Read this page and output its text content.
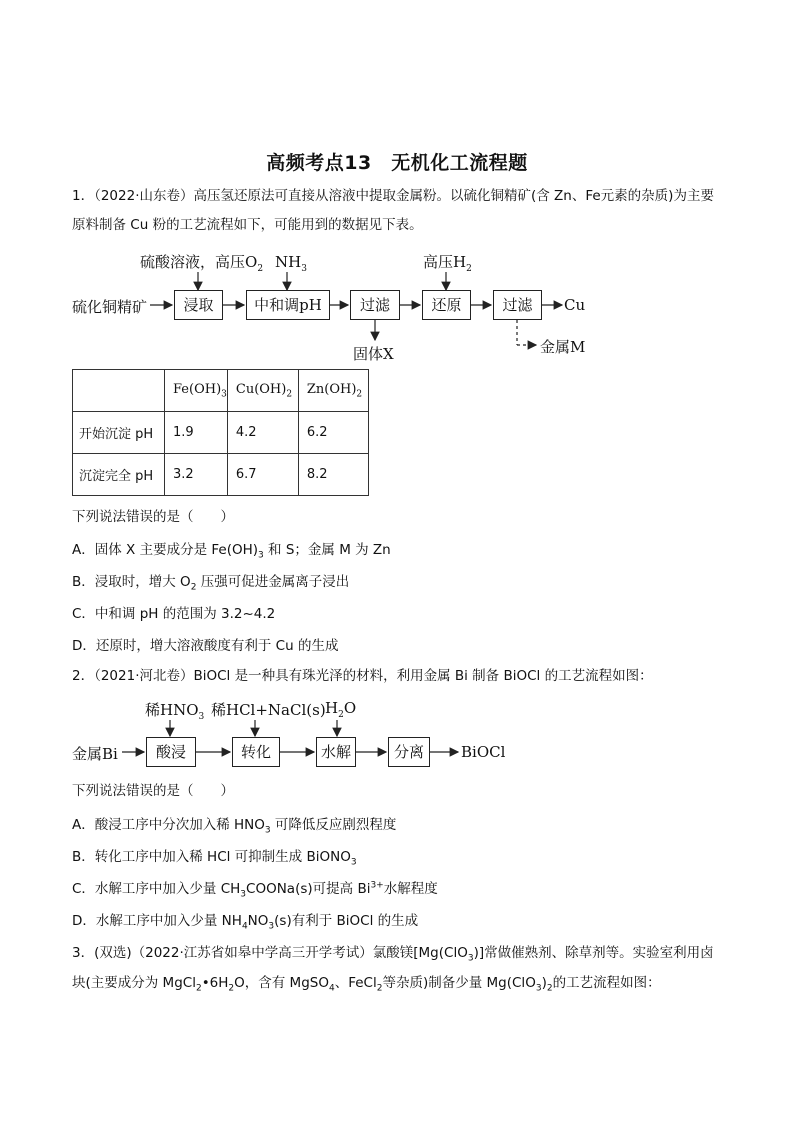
高频考点13　无机化工流程题
1．（2022·山东卷）高压氢还原法可直接从溶液中提取金属粉。以硫化铜精矿(含 Zn、Fe元素的杂质)为主要
原料制备 Cu 粉的工艺流程如下，可能用到的数据见下表。
硫化铜精矿	浸取	中和调pH	过滤	还原	过滤	Cu
硫酸溶液，高压$O_2$ $NH_3$	高压$H_2$
固体X	金属M
	$Fe(OH)_3$	$Cu(OH)_2$	$Zn(OH)_2$
开始沉淀 pH	1.9	4.2	6.2
沉淀完全 pH	3.2	6.7	8.2
下列说法错误的是（　　）
A．固体 X 主要成分是 $Fe(OH)_3$ 和 S；金属 M 为 Zn
B．浸取时，增大 $O_2$ 压强可促进金属离子浸出
C．中和调 pH 的范围为 3.2~4.2
D．还原时，增大溶液酸度有利于 Cu 的生成
2．（2021·河北卷）BiOCl 是一种具有珠光泽的材料，利用金属 Bi 制备 BiOCl 的工艺流程如图：
金属Bi	酸浸	转化	水解	分离	BiOCl
稀$HNO_3$ 稀HCl+NaCl(s) $H_2O$
下列说法错误的是（　　）
A．酸浸工序中分次加入稀 $HNO_3$ 可降低反应剧烈程度
B．转化工序中加入稀 HCl 可抑制生成 BiONO$_3$
C．水解工序中加入少量 $CH_3COONa(s)$可提高 $Bi^{3+}$水解程度
D．水解工序中加入少量 $NH_4NO_3(s)$有利于 BiOCl 的生成
3．(双选)（2022·江苏省如皋中学高三开学考试）氯酸镁[Mg(ClO$_3$)]常做催熟剂、除草剂等。实验室利用卤
块(主要成分为 $MgCl_2•6H_2O$，含有 MgSO$_4$、FeCl$_2$等杂质)制备少量 $Mg(ClO_3)_2$的工艺流程如图：
